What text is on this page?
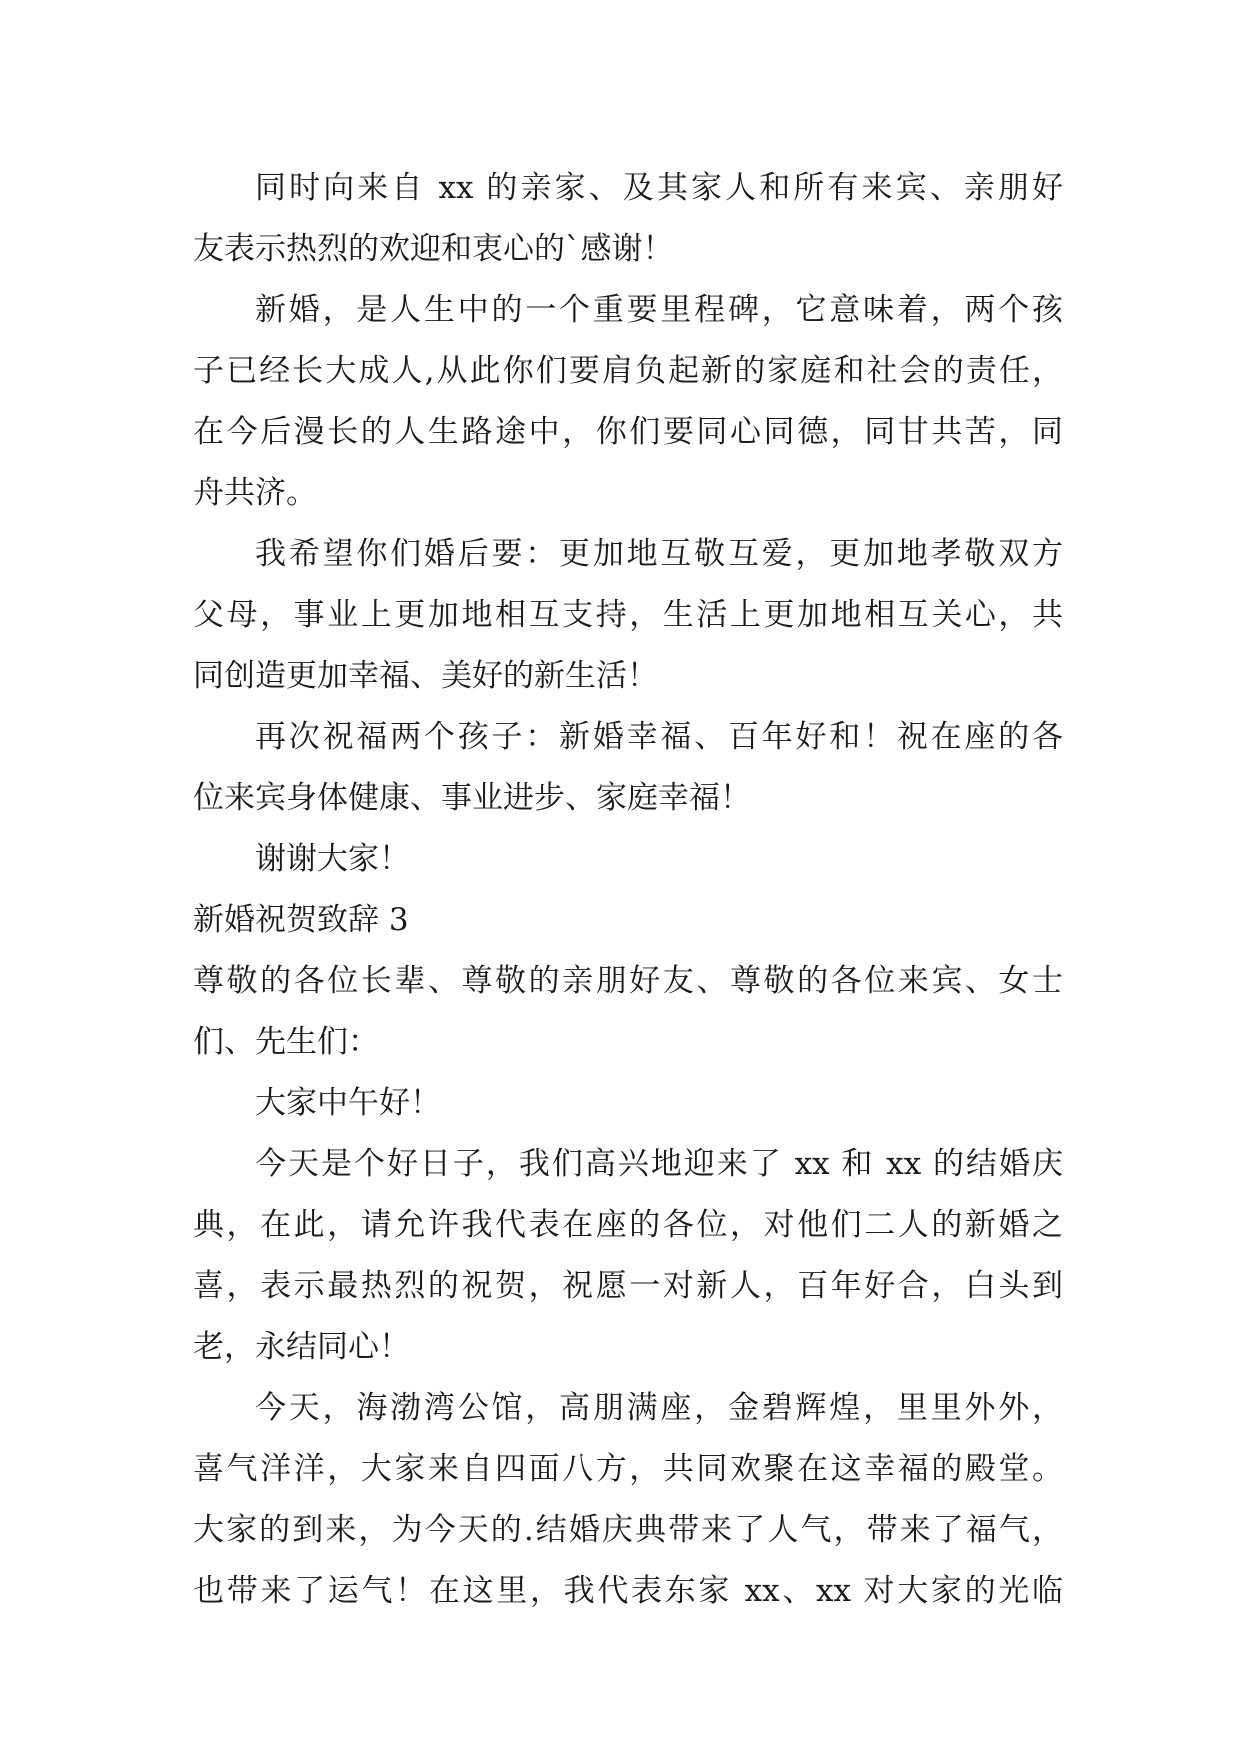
同时向来自 xx 的亲家、及其家人和所有来宾、亲朋好
友表示热烈的欢迎和衷心的`感谢！

新婚，是人生中的一个重要里程碑，它意味着，两个孩
子已经长大成人,从此你们要肩负起新的家庭和社会的责任，
在今后漫长的人生路途中，你们要同心同德，同甘共苦，同
舟共济。

我希望你们婚后要：更加地互敬互爱，更加地孝敬双方
父母，事业上更加地相互支持，生活上更加地相互关心，共
同创造更加幸福、美好的新生活！

再次祝福两个孩子：新婚幸福、百年好和！祝在座的各
位来宾身体健康、事业进步、家庭幸福！

谢谢大家！

新婚祝贺致辞 3

尊敬的各位长辈、尊敬的亲朋好友、尊敬的各位来宾、女士
们、先生们：

大家中午好！

今天是个好日子，我们高兴地迎来了 xx 和 xx 的结婚庆
典，在此，请允许我代表在座的各位，对他们二人的新婚之
喜，表示最热烈的祝贺，祝愿一对新人，百年好合，白头到
老，永结同心！

今天，海渤湾公馆，高朋满座，金碧辉煌，里里外外，
喜气洋洋，大家来自四面八方，共同欢聚在这幸福的殿堂。
大家的到来，为今天的.结婚庆典带来了人气，带来了福气，
也带来了运气！在这里，我代表东家 xx、xx 对大家的光临
